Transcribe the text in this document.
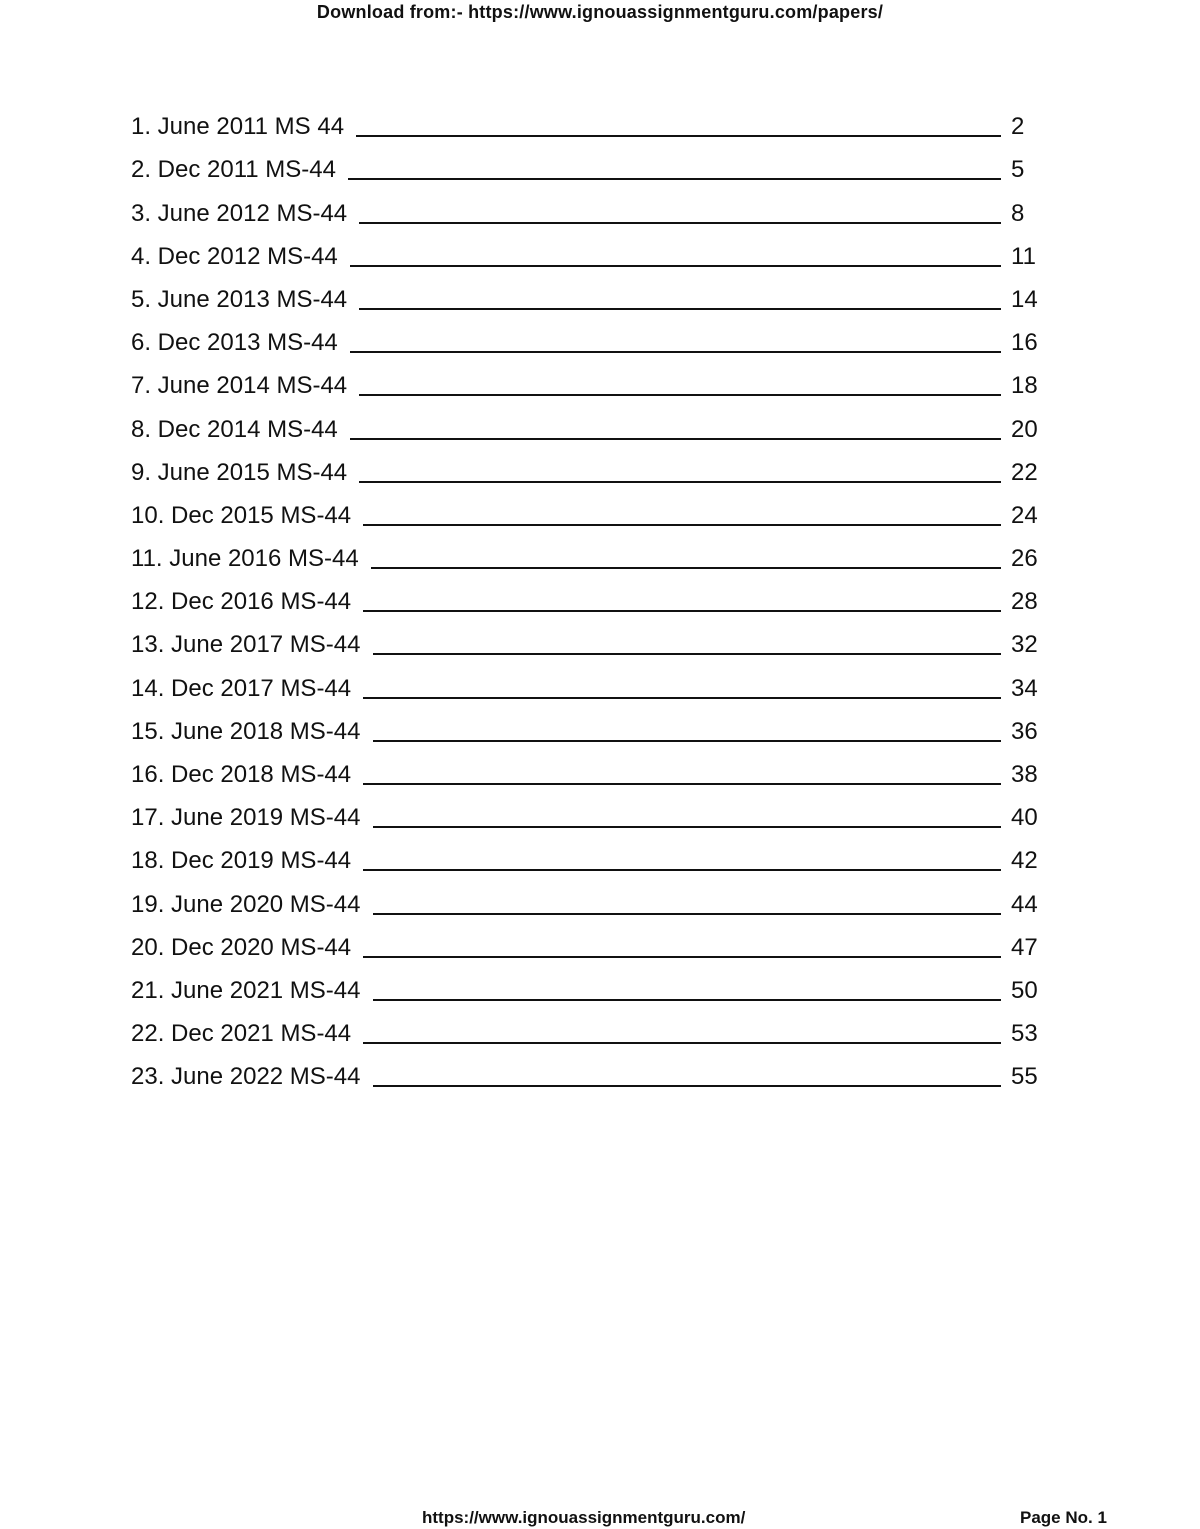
Download from:- https://www.ignouassignmentguru.com/papers/
1. June 2011 MS 44	2
2. Dec 2011 MS-44	5
3. June 2012 MS-44	8
4. Dec 2012 MS-44	11
5. June 2013 MS-44	14
6. Dec 2013 MS-44	16
7. June 2014 MS-44	18
8. Dec 2014 MS-44	20
9. June 2015 MS-44	22
10. Dec 2015 MS-44	24
11. June 2016 MS-44	26
12. Dec 2016 MS-44	28
13. June 2017 MS-44	32
14. Dec 2017 MS-44	34
15. June 2018 MS-44	36
16. Dec 2018 MS-44	38
17. June 2019 MS-44	40
18. Dec 2019 MS-44	42
19. June 2020 MS-44	44
20. Dec 2020 MS-44	47
21. June 2021 MS-44	50
22. Dec 2021 MS-44	53
23. June 2022 MS-44	55
https://www.ignouassignmentguru.com/	Page No. 1
